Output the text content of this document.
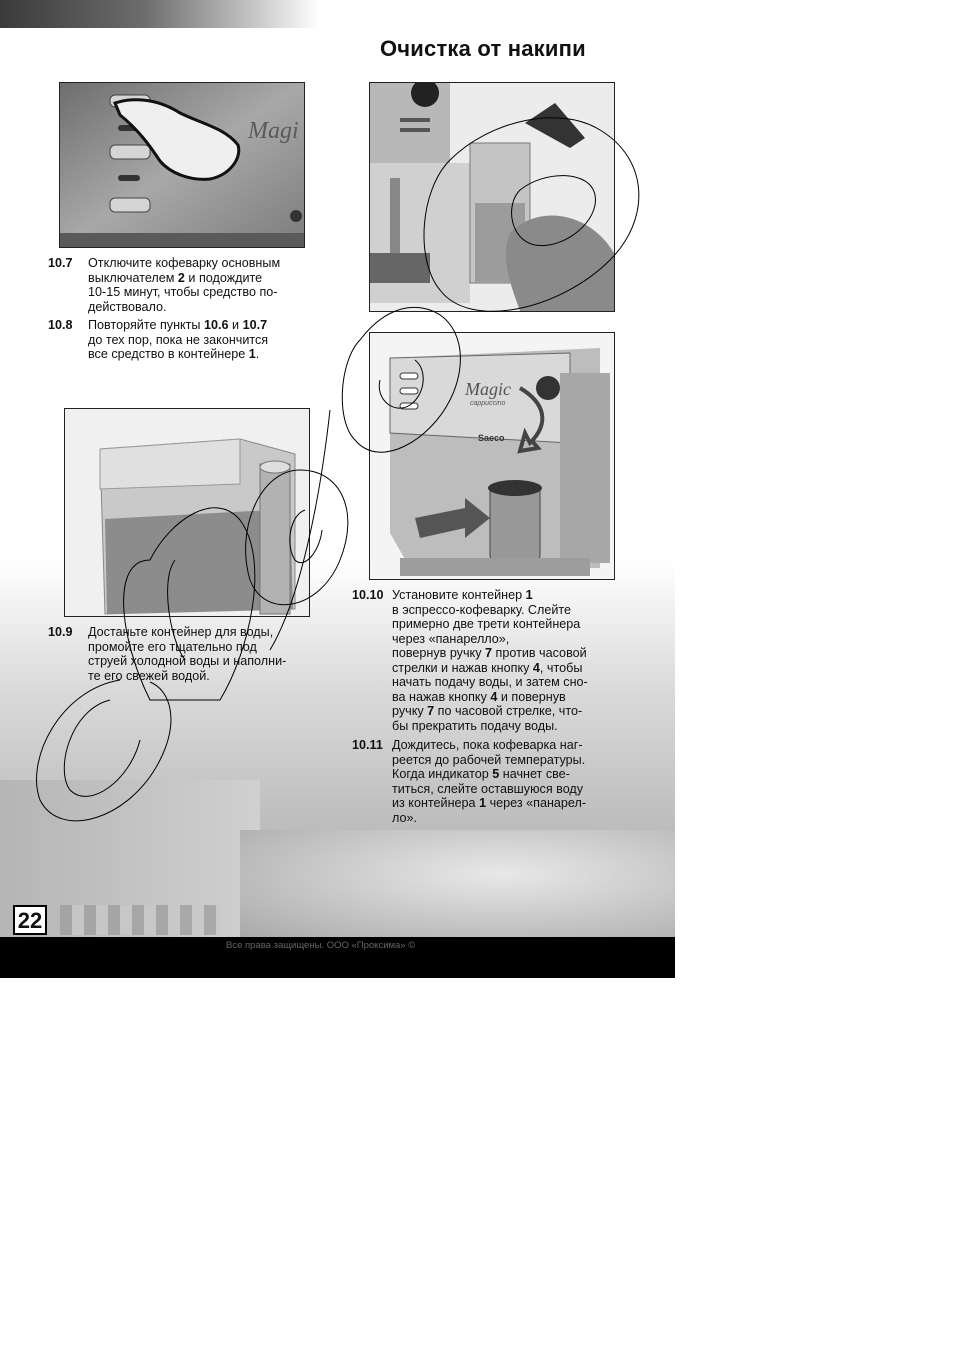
Очистка от накипи
Magi
Magic
cappuccino
Saeco
10.7 Отключите кофеварку основным

выключателем 2 и подождите

10-15 минут, чтобы средство по-

действовало.

10.8 Повторяйте пункты 10.6 и 10.7

до тех пор, пока не закончится

все средство в контейнере 1.

10.9 Достаньте контейнер для воды,

промойте его тщательно под

струей холодной воды и наполни-

те его свежей водой.

10.10 Установите контейнер 1

в эспрессо-кофеварку. Слейте

примерно две трети контейнера

через «панарелло»,

повернув ручку 7 против часовой

стрелки и нажав кнопку 4, чтобы

начать подачу воды, и затем сно-

ва нажав кнопку 4 и повернув

ручку 7 по часовой стрелке, что-

бы прекратить подачу воды.

10.11 Дождитесь, пока кофеварка наг-

реется до рабочей температуры.

Когда индикатор 5 начнет све-

титься, слейте оставшуюся воду

из контейнера 1 через «панарел-

ло».

22
Все права защищены. ООО «Проксима» ©
